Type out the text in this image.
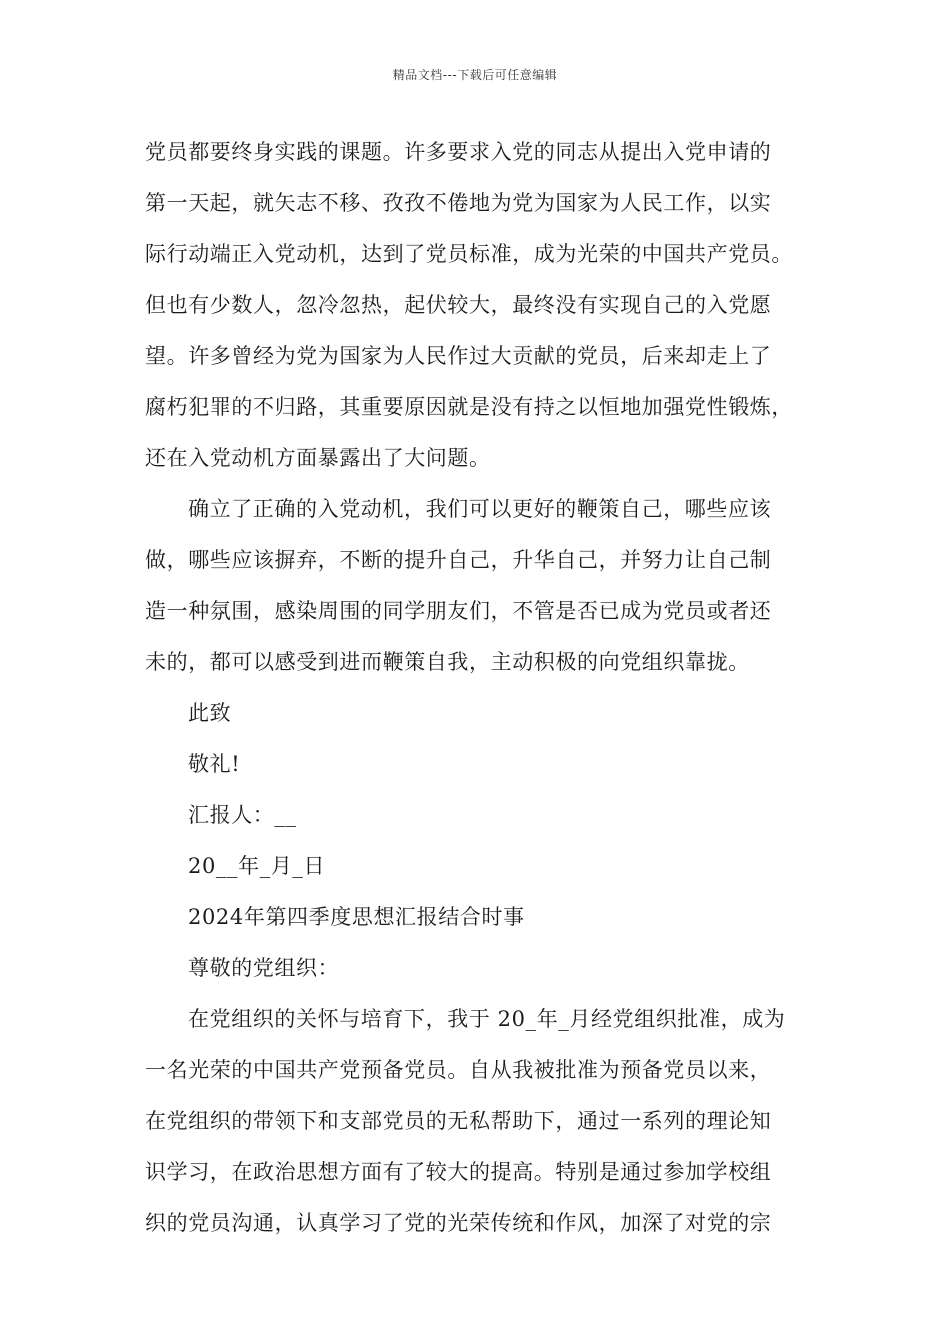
精品文档---下载后可任意编辑
党员都要终身实践的课题。许多要求入党的同志从提出入党申请的
第一天起，就矢志不移、孜孜不倦地为党为国家为人民工作，以实
际行动端正入党动机，达到了党员标准，成为光荣的中国共产党员。
但也有少数人，忽冷忽热，起伏较大，最终没有实现自己的入党愿
望。许多曾经为党为国家为人民作过大贡献的党员，后来却走上了
腐朽犯罪的不归路，其重要原因就是没有持之以恒地加强党性锻炼，
还在入党动机方面暴露出了大问题。
确立了正确的入党动机，我们可以更好的鞭策自己，哪些应该
做，哪些应该摒弃，不断的提升自己，升华自己，并努力让自己制
造一种氛围，感染周围的同学朋友们，不管是否已成为党员或者还
未的，都可以感受到进而鞭策自我，主动积极的向党组织靠拢。
此致
敬礼!
汇报人：__
20__年_月_日
2024年第四季度思想汇报结合时事
尊敬的党组织：
在党组织的关怀与培育下，我于 20_年_月经党组织批准，成为
一名光荣的中国共产党预备党员。自从我被批准为预备党员以来，
在党组织的带领下和支部党员的无私帮助下，通过一系列的理论知
识学习，在政治思想方面有了较大的提高。特别是通过参加学校组
织的党员沟通，认真学习了党的光荣传统和作风，加深了对党的宗
